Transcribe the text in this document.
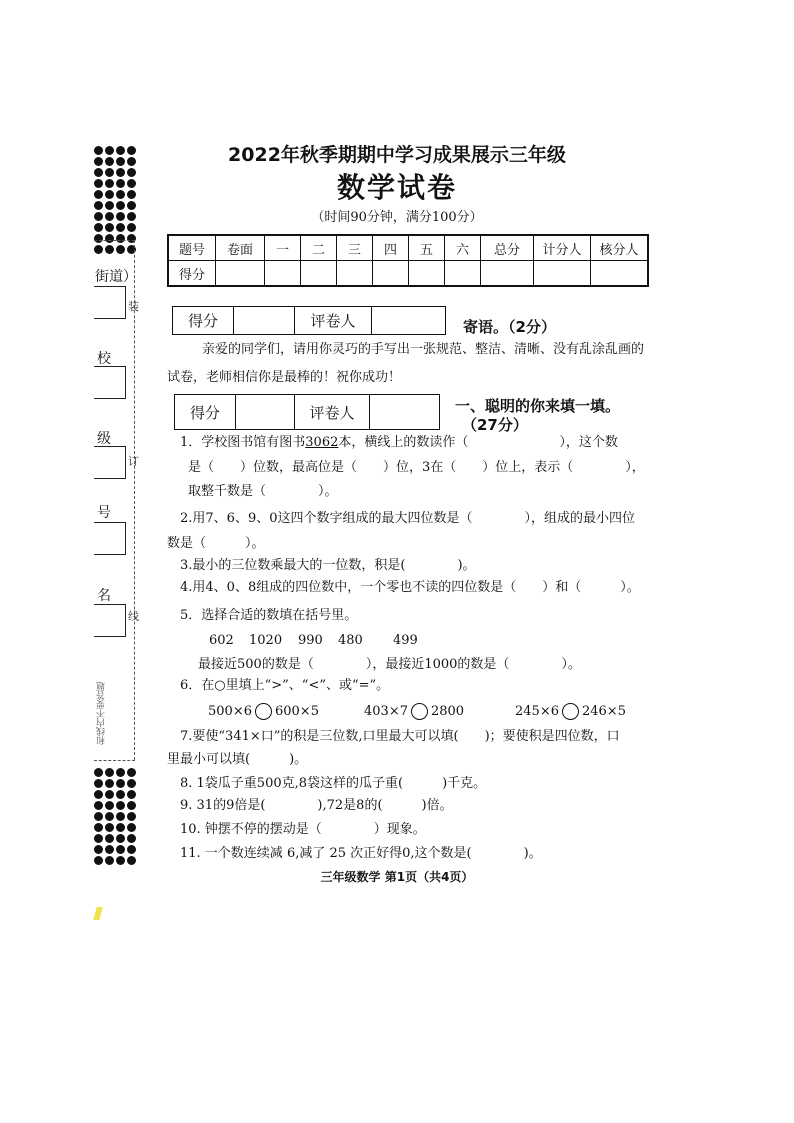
街道）
校
级
号
名
装
订
线
和线内不要答题
2022年秋季期期中学习成果展示三年级
数学试卷
（时间90分钟，满分100分）
题号	卷面	一	二	三	四	五	六	总分	计分人	核分人
得分										
得分	评卷人	寄语。（2分）
亲爱的同学们，请用你灵巧的手写出一张规范、整洁、清晰、没有乱涂乱画的
试卷，老师相信你是最棒的！祝你成功！
得分	评卷人	一、聪明的你来填一填。
（27分）
1．学校图书馆有图书3062本，横线上的数读作（　　　　　　　），这个数
是（　　）位数，最高位是（　　）位，3在（　　）位上，表示（　　　　），
取整千数是（　　　　）。
2.用7、6、9、0这四个数字组成的最大四位数是（　　　　），组成的最小四位
数是（　　　）。
3.最小的三位数乘最大的一位数，积是(　　　　)。
4.用4、0、8组成的四位数中，一个零也不读的四位数是（　　）和（　　　）。
5．选择合适的数填在括号里。
602 1020 990 480 499
最接近500的数是（　　　　），最接近1000的数是（　　　　）。
6．在○里填上“>”、“<”、或“=”。
500×6 600×5	403×7 2800	245×6 246×5
7.要使“341×口”的积是三位数,口里最大可以填(　　)；要使积是四位数，口
里最小可以填(　　　)。
8. 1袋瓜子重500克,8袋这样的瓜子重(　　　)千克。
9. 31的9倍是(　　　　),72是8的(　　　)倍。
10. 钟摆不停的摆动是（　　　　）现象。
11. 一个数连续减 6,减了 25 次正好得0,这个数是(　　　　)。
三年级数学 第1页（共4页）
